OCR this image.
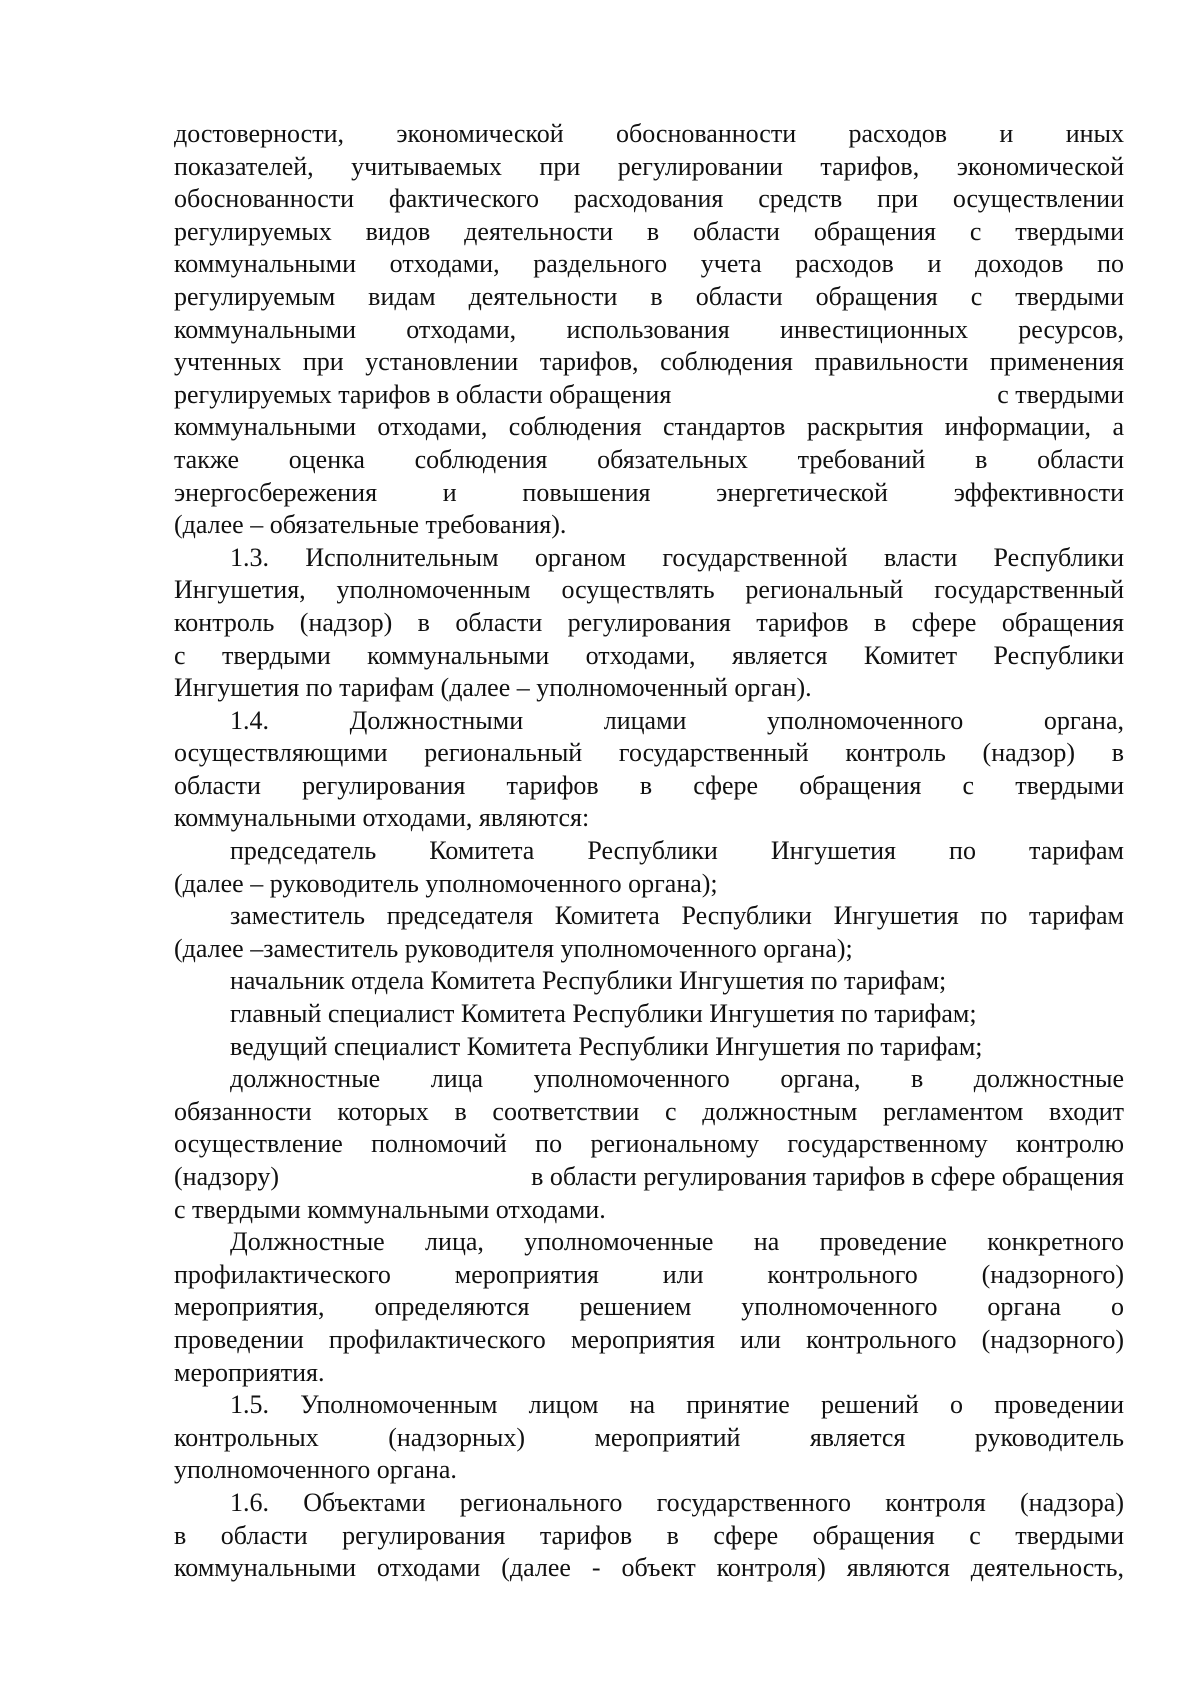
достоверности, экономической обоснованности расходов и иных
показателей, учитываемых при регулировании тарифов, экономической
обоснованности фактического расходования средств при осуществлении
регулируемых видов деятельности в области обращения с твердыми
коммунальными отходами, раздельного учета расходов и доходов по
регулируемым видам деятельности в области обращения с твердыми
коммунальными отходами, использования инвестиционных ресурсов,
учтенных при установлении тарифов, соблюдения правильности применения
регулируемых тарифов в области обращения	с твердыми
коммунальными отходами, соблюдения стандартов раскрытия информации, а
также оценка соблюдения обязательных требований в области
энергосбережения и повышения энергетической эффективности
(далее – обязательные требования).
1.3. Исполнительным органом государственной власти Республики
Ингушетия, уполномоченным осуществлять региональный государственный
контроль (надзор) в области регулирования тарифов в сфере обращения
с твердыми коммунальными отходами, является Комитет Республики
Ингушетия по тарифам (далее – уполномоченный орган).
1.4. Должностными лицами уполномоченного органа,
осуществляющими региональный государственный контроль (надзор) в
области регулирования тарифов в сфере обращения с твердыми
коммунальными отходами, являются:
председатель Комитета Республики Ингушетия по тарифам
(далее – руководитель уполномоченного органа);
заместитель председателя Комитета Республики Ингушетия по тарифам
(далее –заместитель руководителя уполномоченного органа);
начальник отдела Комитета Республики Ингушетия по тарифам;
главный специалист Комитета Республики Ингушетия по тарифам;
ведущий специалист Комитета Республики Ингушетия по тарифам;
должностные лица уполномоченного органа, в должностные
обязанности которых в соответствии с должностным регламентом входит
осуществление полномочий по региональному государственному контролю
(надзору)	в области регулирования тарифов в сфере обращения
с твердыми коммунальными отходами.
Должностные лица, уполномоченные на проведение конкретного
профилактического мероприятия или контрольного (надзорного)
мероприятия, определяются решением уполномоченного органа о
проведении профилактического мероприятия или контрольного (надзорного)
мероприятия.
1.5. Уполномоченным лицом на принятие решений о проведении
контрольных (надзорных) мероприятий является руководитель
уполномоченного органа.
1.6. Объектами регионального государственного контроля (надзора)
в области регулирования тарифов в сфере обращения с твердыми
коммунальными отходами (далее - объект контроля) являются деятельность,
